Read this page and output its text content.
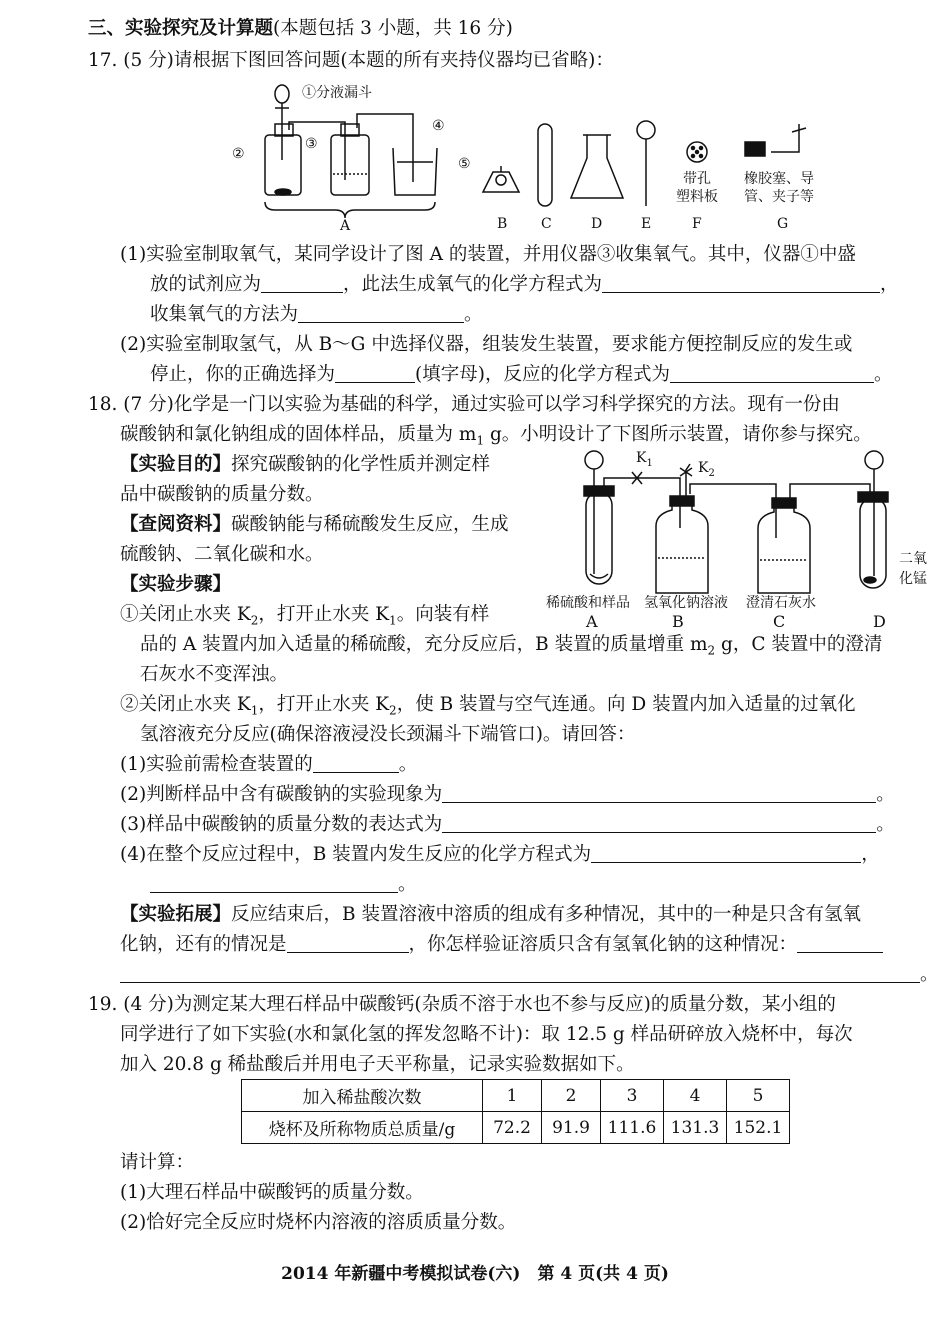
三、实验探究及计算题(本题包括 3 小题，共 16 分)
17. (5 分)请根据下图回答问题(本题的所有夹持仪器均已省略)：
①分液漏斗
②
③
④
⑤
A	B C	D	E	F	G
带孔
塑料板
橡胶塞、导
管、夹子等
(1)实验室制取氧气，某同学设计了图 A 的装置，并用仪器③收集氧气。其中，仪器①中盛
放的试剂应为	，此法生成氧气的化学方程式为	，
收集氧气的方法为	。
(2)实验室制取氢气，从 B～G 中选择仪器，组装发生装置，要求能方便控制反应的发生或
停止，你的正确选择为	(填字母)，反应的化学方程式为	。
18. (7 分)化学是一门以实验为基础的科学，通过实验可以学习科学探究的方法。现有一份由
碳酸钠和氯化钠组成的固体样品，质量为 $m_1$ g。小明设计了下图所示装置，请你参与探究。
【实验目的】探究碳酸钠的化学性质并测定样
品中碳酸钠的质量分数。
【查阅资料】碳酸钠能与稀硫酸发生反应，生成
硫酸钠、二氧化碳和水。
【实验步骤】
①关闭止水夹 $K_2$，打开止水夹 $K_1$。向装有样
$K_1$	$K_2$
二氧
化锰
稀硫酸和样品 氢氧化钠溶液 澄清石灰水
A	B	C	D
品的 A 装置内加入适量的稀硫酸，充分反应后，B 装置的质量增重 $m_2$ g，C 装置中的澄清
石灰水不变浑浊。
②关闭止水夹 $K_1$，打开止水夹 $K_2$，使 B 装置与空气连通。向 D 装置内加入适量的过氧化
氢溶液充分反应(确保溶液浸没长颈漏斗下端管口)。请回答：
(1)实验前需检查装置的	。
(2)判断样品中含有碳酸钠的实验现象为	。
(3)样品中碳酸钠的质量分数的表达式为	。
(4)在整个反应过程中，B 装置内发生反应的化学方程式为	，
。
【实验拓展】反应结束后，B 装置溶液中溶质的组成有多种情况，其中的一种是只含有氢氧
化钠，还有的情况是	，你怎样验证溶质只含有氢氧化钠的这种情况：
。
19. (4 分)为测定某大理石样品中碳酸钙(杂质不溶于水也不参与反应)的质量分数，某小组的
同学进行了如下实验(水和氯化氢的挥发忽略不计)：取 12.5 g 样品研碎放入烧杯中，每次
加入 20.8 g 稀盐酸后并用电子天平称量，记录实验数据如下。
加入稀盐酸次数	1	2	3	4	5
烧杯及所称物质总质量/g	72.2	91.9	111.6	131.3	152.1
请计算：
(1)大理石样品中碳酸钙的质量分数。
(2)恰好完全反应时烧杯内溶液的溶质质量分数。
2014 年新疆中考模拟试卷(六)　第 4 页(共 4 页)
